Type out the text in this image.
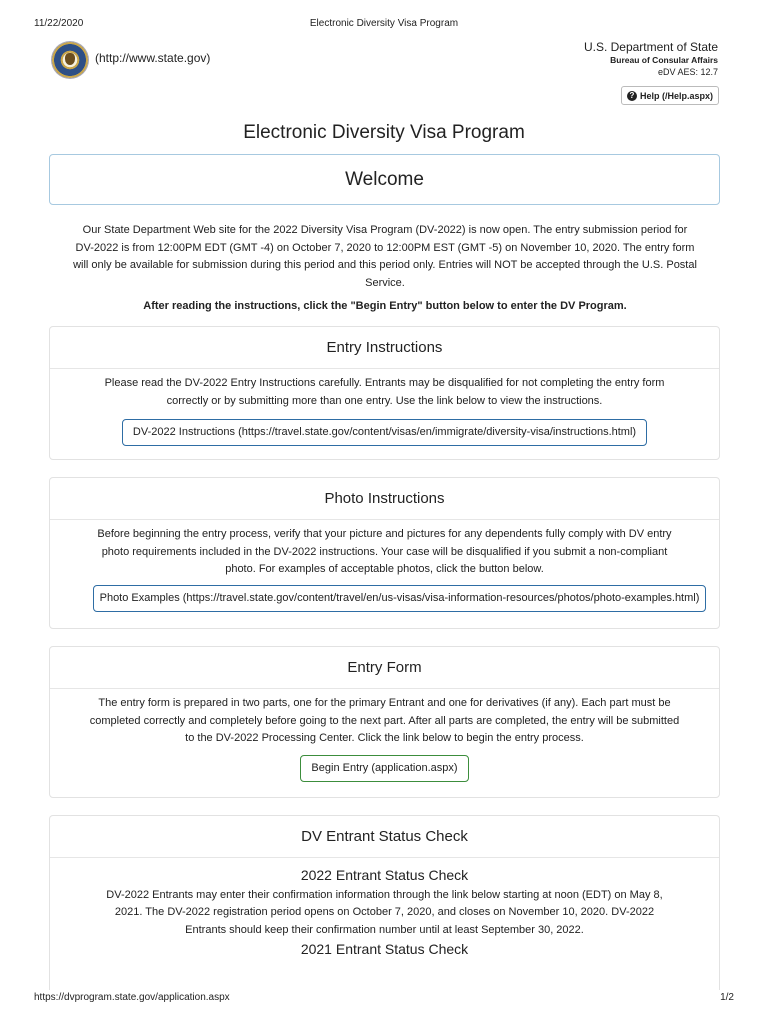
11/22/2020	Electronic Diversity Visa Program
(http://www.state.gov)
U.S. Department of State
Bureau of Consular Affairs
eDV AES: 12.7
? Help (/Help.aspx)
Electronic Diversity Visa Program
Welcome
Our State Department Web site for the 2022 Diversity Visa Program (DV-2022) is now open. The entry submission period for
DV-2022 is from 12:00PM EDT (GMT -4) on October 7, 2020 to 12:00PM EST (GMT -5) on November 10, 2020. The entry form
will only be available for submission during this period and this period only. Entries will NOT be accepted through the U.S. Postal
Service.
After reading the instructions, click the "Begin Entry" button below to enter the DV Program.
Entry Instructions
Please read the DV-2022 Entry Instructions carefully. Entrants may be disqualified for not completing the entry form
correctly or by submitting more than one entry. Use the link below to view the instructions.
DV-2022 Instructions (https://travel.state.gov/content/visas/en/immigrate/diversity-visa/instructions.html)
Photo Instructions
Before beginning the entry process, verify that your picture and pictures for any dependents fully comply with DV entry
photo requirements included in the DV-2022 instructions. Your case will be disqualified if you submit a non-compliant
photo. For examples of acceptable photos, click the button below.
Photo Examples (https://travel.state.gov/content/travel/en/us-visas/visa-information-resources/photos/photo-examples.html)
Entry Form
The entry form is prepared in two parts, one for the primary Entrant and one for derivatives (if any). Each part must be
completed correctly and completely before going to the next part. After all parts are completed, the entry will be submitted
to the DV-2022 Processing Center. Click the link below to begin the entry process.
Begin Entry (application.aspx)
DV Entrant Status Check
2022 Entrant Status Check
DV-2022 Entrants may enter their confirmation information through the link below starting at noon (EDT) on May 8,
2021. The DV-2022 registration period opens on October 7, 2020, and closes on November 10, 2020. DV-2022
Entrants should keep their confirmation number until at least September 30, 2022.
2021 Entrant Status Check
https://dvprogram.state.gov/application.aspx	1/2
